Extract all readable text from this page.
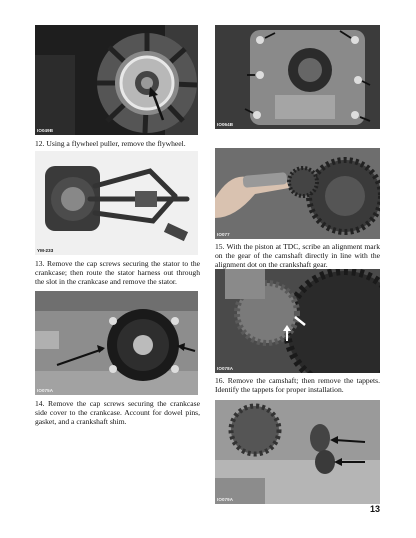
IO049B
12. Using a flywheel puller, remove the flywheel.
YM-233
13. Remove the cap screws securing the stator to the crankcase; then route the stator harness out through the slot in the crankcase and remove the stator.
IO075A
14. Remove the cap screws securing the crankcase side cover to the crankcase. Account for dowel pins, gasket, and a crankshaft shim.
IO064B
IO077
15. With the piston at TDC, scribe an alignment mark on the gear of the camshaft directly in line with the alignment dot on the crankshaft gear.
IO078A
16. Remove the camshaft; then remove the tappets. Identify the tappets for proper installation.
IO079A
13
